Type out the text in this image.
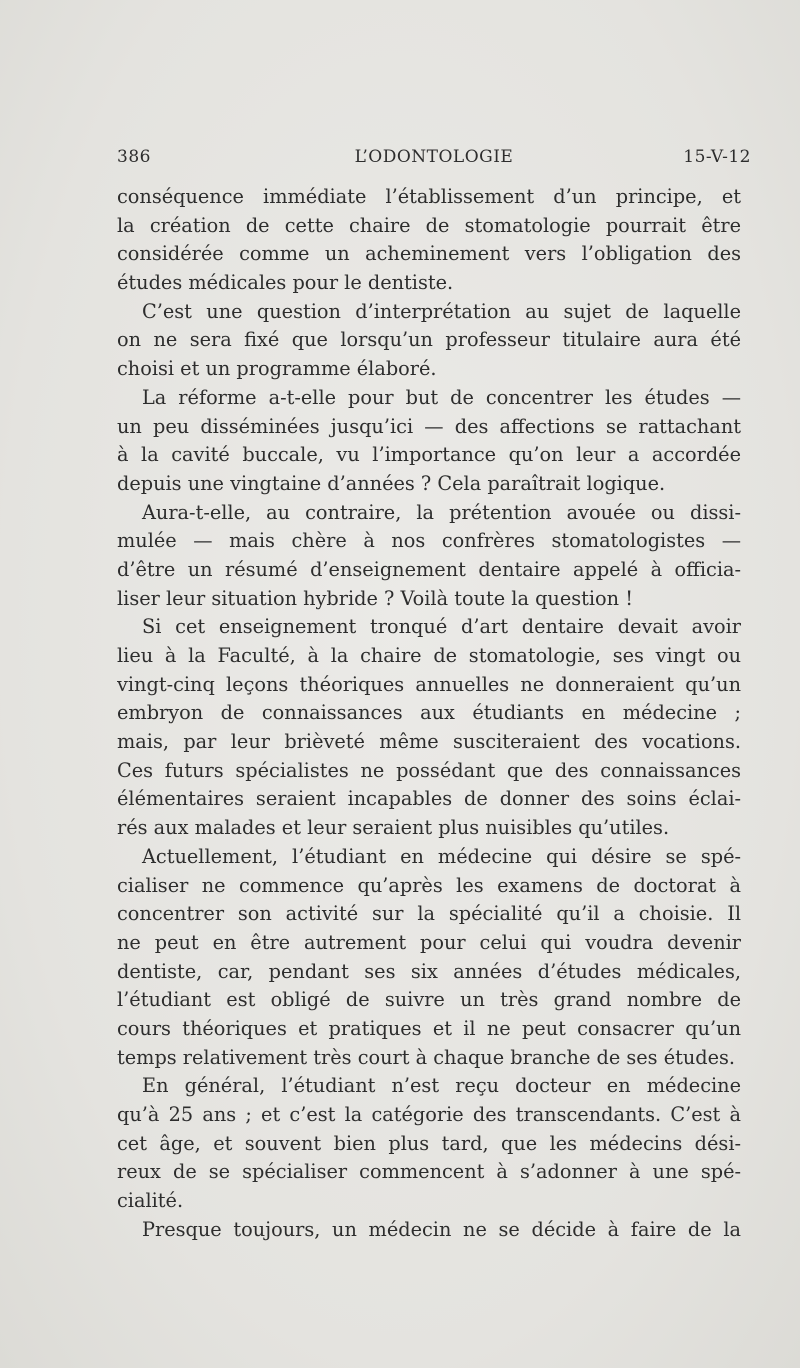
386	L’ODONTOLOGIE	15-V-12
conséquence immédiate l’établissement d’un principe, et
la création de cette chaire de stomatologie pourrait être
considérée comme un acheminement vers l’obligation des
études médicales pour le dentiste.
C’est une question d’interprétation au sujet de laquelle
on ne sera fixé que lorsqu’un professeur titulaire aura été
choisi et un programme élaboré.
La réforme a-t-elle pour but de concentrer les études —
un peu disséminées jusqu’ici — des affections se rattachant
à la cavité buccale, vu l’importance qu’on leur a accordée
depuis une vingtaine d’années ? Cela paraîtrait logique.
Aura-t-elle, au contraire, la prétention avouée ou dissi-
mulée — mais chère à nos confrères stomatologistes —
d’être un résumé d’enseignement dentaire appelé à officia-
liser leur situation hybride ? Voilà toute la question !
Si cet enseignement tronqué d’art dentaire devait avoir
lieu à la Faculté, à la chaire de stomatologie, ses vingt ou
vingt-cinq leçons théoriques annuelles ne donneraient qu’un
embryon de connaissances aux étudiants en médecine ;
mais, par leur brièveté même susciteraient des vocations.
Ces futurs spécialistes ne possédant que des connaissances
élémentaires seraient incapables de donner des soins éclai-
rés aux malades et leur seraient plus nuisibles qu’utiles.
Actuellement, l’étudiant en médecine qui désire se spé-
cialiser ne commence qu’après les examens de doctorat à
concentrer son activité sur la spécialité qu’il a choisie. Il
ne peut en être autrement pour celui qui voudra devenir
dentiste, car, pendant ses six années d’études médicales,
l’étudiant est obligé de suivre un très grand nombre de
cours théoriques et pratiques et il ne peut consacrer qu’un
temps relativement très court à chaque branche de ses études.
En général, l’étudiant n’est reçu docteur en médecine
qu’à 25 ans ; et c’est la catégorie des transcendants. C’est à
cet âge, et souvent bien plus tard, que les médecins dési-
reux de se spécialiser commencent à s’adonner à une spé-
cialité.
Presque toujours, un médecin ne se décide à faire de la
